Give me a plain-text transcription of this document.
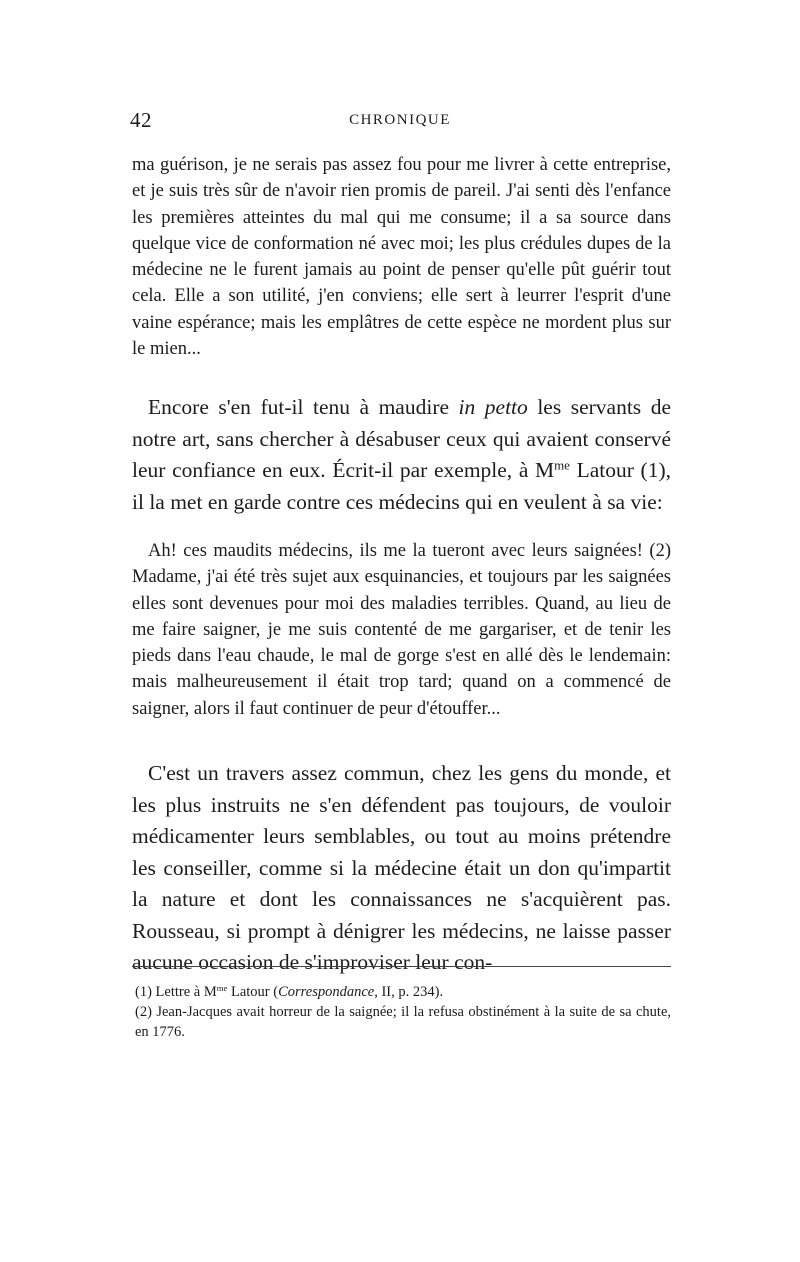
42	CHRONIQUE

ma guérison, je ne serais pas assez fou pour me livrer à cette entreprise, et je suis très sûr de n'avoir rien promis de pareil. J'ai senti dès l'enfance les premières atteintes du mal qui me consume; il a sa source dans quelque vice de conformation né avec moi; les plus crédules dupes de la médecine ne le furent jamais au point de penser qu'elle pût guérir tout cela. Elle a son utilité, j'en conviens; elle sert à leurrer l'esprit d'une vaine espérance; mais les emplâtres de cette espèce ne mordent plus sur le mien...

Encore s'en fut-il tenu à maudire in petto les servants de notre art, sans chercher à désabuser ceux qui avaient conservé leur confiance en eux. Écrit-il par exemple, à $M^{me}$ Latour (1), il la met en garde contre ces médecins qui en veulent à sa vie:

Ah! ces maudits médecins, ils me la tueront avec leurs saignées! (2) Madame, j'ai été très sujet aux esquinancies, et toujours par les saignées elles sont devenues pour moi des maladies terribles. Quand, au lieu de me faire saigner, je me suis contenté de me gargariser, et de tenir les pieds dans l'eau chaude, le mal de gorge s'est en allé dès le lendemain: mais malheureusement il était trop tard; quand on a commencé de saigner, alors il faut continuer de peur d'étouffer...

C'est un travers assez commun, chez les gens du monde, et les plus instruits ne s'en défendent pas toujours, de vouloir médicamenter leurs semblables, ou tout au moins prétendre les conseiller, comme si la médecine était un don qu'impartit la nature et dont les connaissances ne s'acquièrent pas. Rousseau, si prompt à dénigrer les médecins, ne laisse passer aucune occasion de s'improviser leur con-

(1) Lettre à $M^{me}$ Latour (Correspondance, II, p. 234).

(2) Jean-Jacques avait horreur de la saignée; il la refusa obstinément à la suite de sa chute, en 1776.
